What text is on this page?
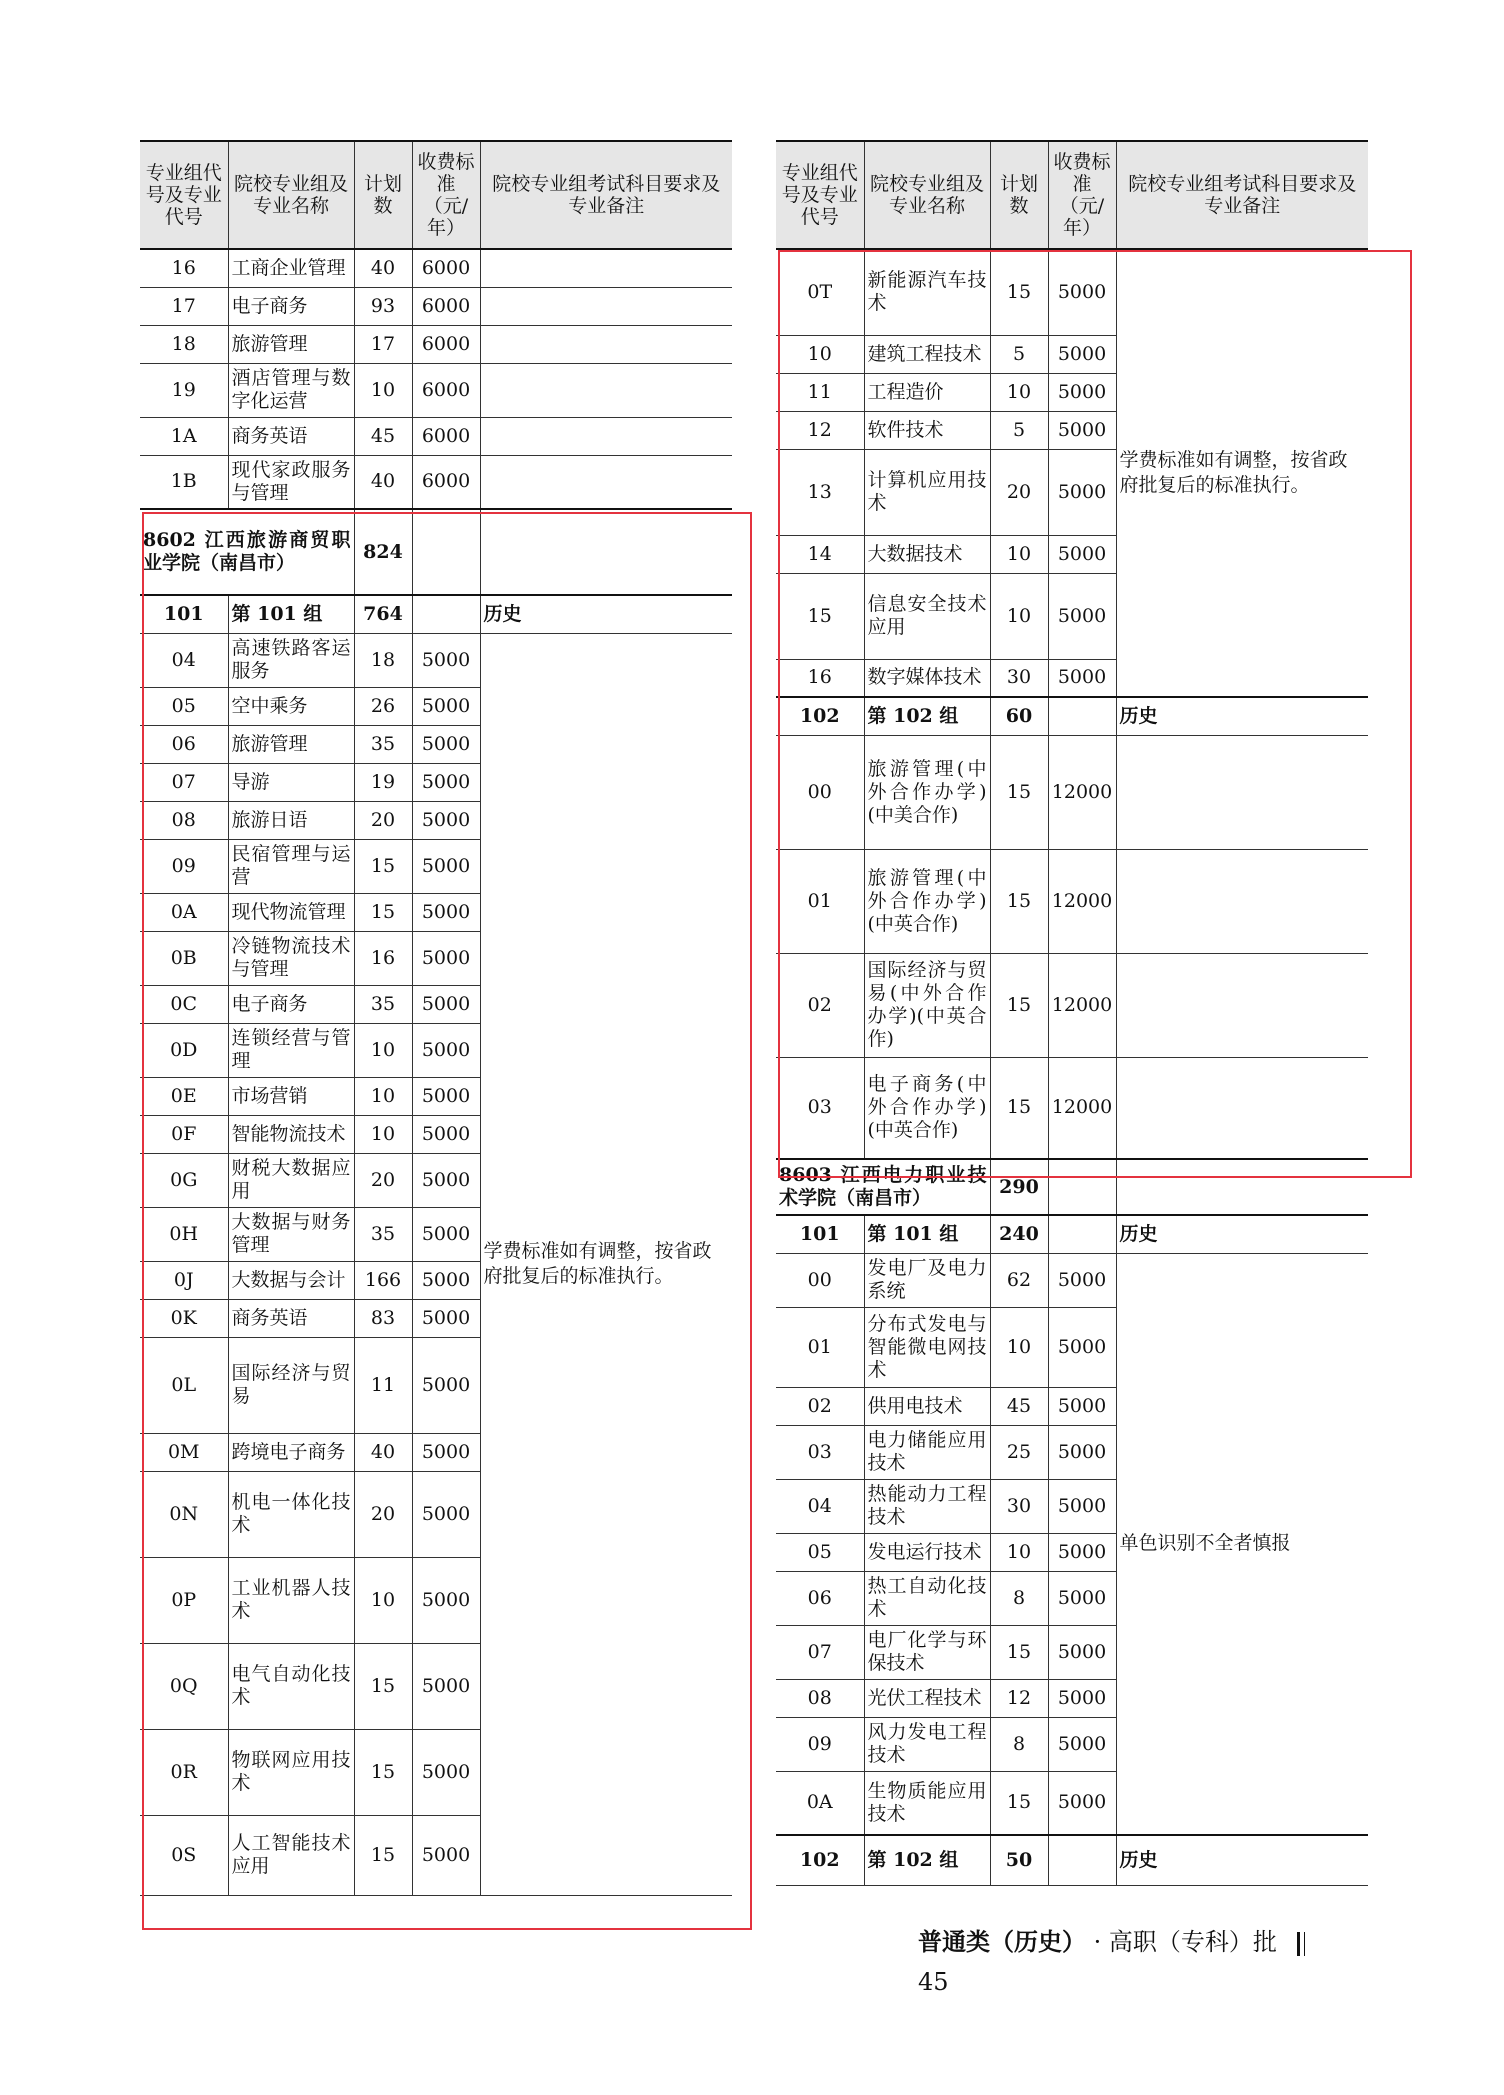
专业组代号及专业代号	院校专业组及专业名称	计划数	收费标准（元/年）	院校专业组考试科目要求及专业备注
16	工商企业管理	40	6000	
17	电子商务	93	6000	
18	旅游管理	17	6000	
19	酒店管理与数字化运营	10	6000	
1A	商务英语	45	6000	
1B	现代家政服务与管理	40	6000	
8602 江西旅游商贸职业学院（南昌市）		824		
101	第 101 组	764		历史
04	高速铁路客运服务	18	5000	学费标准如有调整，按省政府批复后的标准执行。
05	空中乘务	26	5000	
06	旅游管理	35	5000	
07	导游	19	5000	
08	旅游日语	20	5000	
09	民宿管理与运营	15	5000	
0A	现代物流管理	15	5000	
0B	冷链物流技术与管理	16	5000	
0C	电子商务	35	5000	
0D	连锁经营与管理	10	5000	
0E	市场营销	10	5000	
0F	智能物流技术	10	5000	
0G	财税大数据应用	20	5000	
0H	大数据与财务管理	35	5000	
0J	大数据与会计	166	5000	
0K	商务英语	83	5000	
0L	国际经济与贸易	11	5000	
0M	跨境电子商务	40	5000	
0N	机电一体化技术	20	5000	
0P	工业机器人技术	10	5000	
0Q	电气自动化技术	15	5000	
0R	物联网应用技术	15	5000	
0S	人工智能技术应用	15	5000	
专业组代号及专业代号	院校专业组及专业名称	计划数	收费标准（元/年）	院校专业组考试科目要求及专业备注
0T	新能源汽车技术	15	5000	学费标准如有调整，按省政府批复后的标准执行。
10	建筑工程技术	5	5000	
11	工程造价	10	5000	
12	软件技术	5	5000	
13	计算机应用技术	20	5000	
14	大数据技术	10	5000	
15	信息安全技术应用	10	5000	
16	数字媒体技术	30	5000	
102	第 102 组	60		历史
00	旅游管理(中外合作办学)(中美合作)	15	12000	
01	旅游管理(中外合作办学)(中英合作)	15	12000	
02	国际经济与贸易(中外合作办学)(中英合作)	15	12000	
03	电子商务(中外合作办学)(中英合作)	15	12000	
8603 江西电力职业技术学院（南昌市）		290		
101	第 101 组	240		历史
00	发电厂及电力系统	62	5000	单色识别不全者慎报
01	分布式发电与智能微电网技术	10	5000	
02	供用电技术	45	5000	
03	电力储能应用技术	25	5000	
04	热能动力工程技术	30	5000	
05	发电运行技术	10	5000	
06	热工自动化技术	8	5000	
07	电厂化学与环保技术	15	5000	
08	光伏工程技术	12	5000	
09	风力发电工程技术	8	5000	
0A	生物质能应用技术	15	5000	
102	第 102 组	50		历史
普通类（历史） · 高职（专科）批  45
